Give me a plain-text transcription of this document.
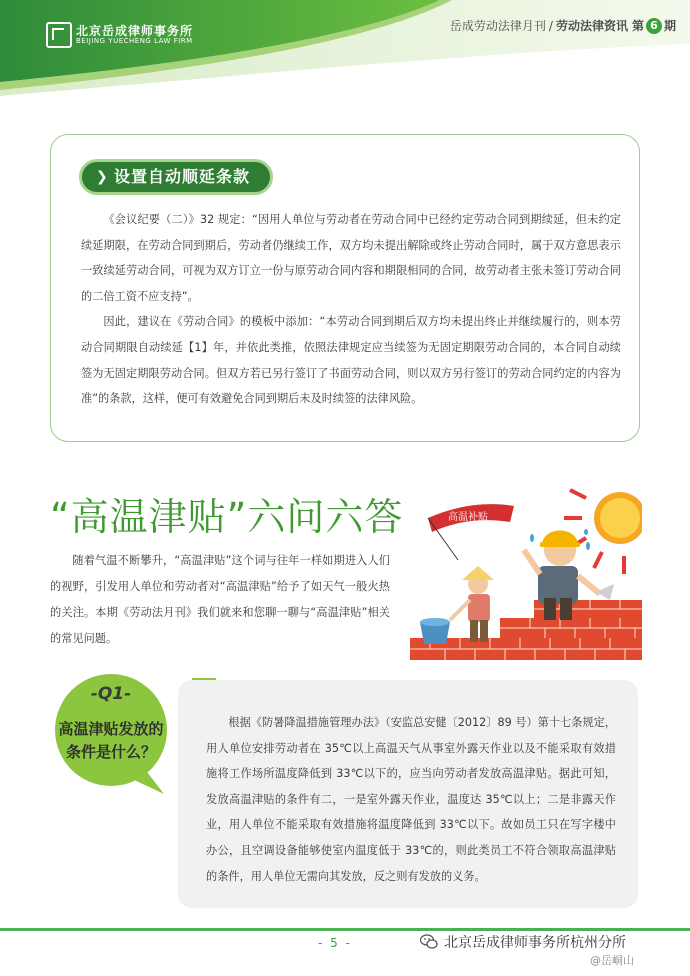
北京岳成律师事务所
BEIJING YUECHENG LAW FIRM
岳成劳动法律月刊 / 劳动法律资讯 第 6 期
❯ 设置自动顺延条款

《会议纪要（二）》32 规定：“因用人单位与劳动者在劳动合同中已经约定劳动合同到期续延，但未约定续延期限，在劳动合同到期后，劳动者仍继续工作，双方均未提出解除或终止劳动合同时，属于双方意思表示一致续延劳动合同，可视为双方订立一份与原劳动合同内容和期限相同的合同，故劳动者主张未签订劳动合同的二倍工资不应支持”。

因此，建议在《劳动合同》的模板中添加：“本劳动合同到期后双方均未提出终止并继续履行的，则本劳动合同期限自动续延【1】年，并依此类推，依照法律规定应当续签为无固定期限劳动合同的，本合同自动续签为无固定期限劳动合同。但双方若已另行签订了书面劳动合同，则以双方另行签订的劳动合同约定的内容为准”的条款，这样，便可有效避免合同到期后未及时续签的法律风险。

“高温津贴”六问六答

随着气温不断攀升，“高温津贴”这个词与往年一样如期进入人们的视野，引发用人单位和劳动者对“高温津贴”给予了如天气一般火热的关注。本期《劳动法月刊》我们就来和您聊一聊与“高温津贴”相关的常见问题。

高温补贴
-Q1-
高温津贴发放的条件是什么？

根据《防暑降温措施管理办法》（安监总安健〔2012〕89 号）第十七条规定，用人单位安排劳动者在 35℃以上高温天气从事室外露天作业以及不能采取有效措施将工作场所温度降低到 33℃以下的，应当向劳动者发放高温津贴。据此可知，发放高温津贴的条件有二，一是室外露天作业，温度达 35℃以上；二是非露天作业，用人单位不能采取有效措施将温度降低到 33℃以下。故如员工只在写字楼中办公，且空调设备能够使室内温度低于 33℃的，则此类员工不符合领取高温津贴的条件，用人单位无需向其发放，反之则有发放的义务。

- 5 -	北京岳成律师事务所杭州分所
@岳峒山
